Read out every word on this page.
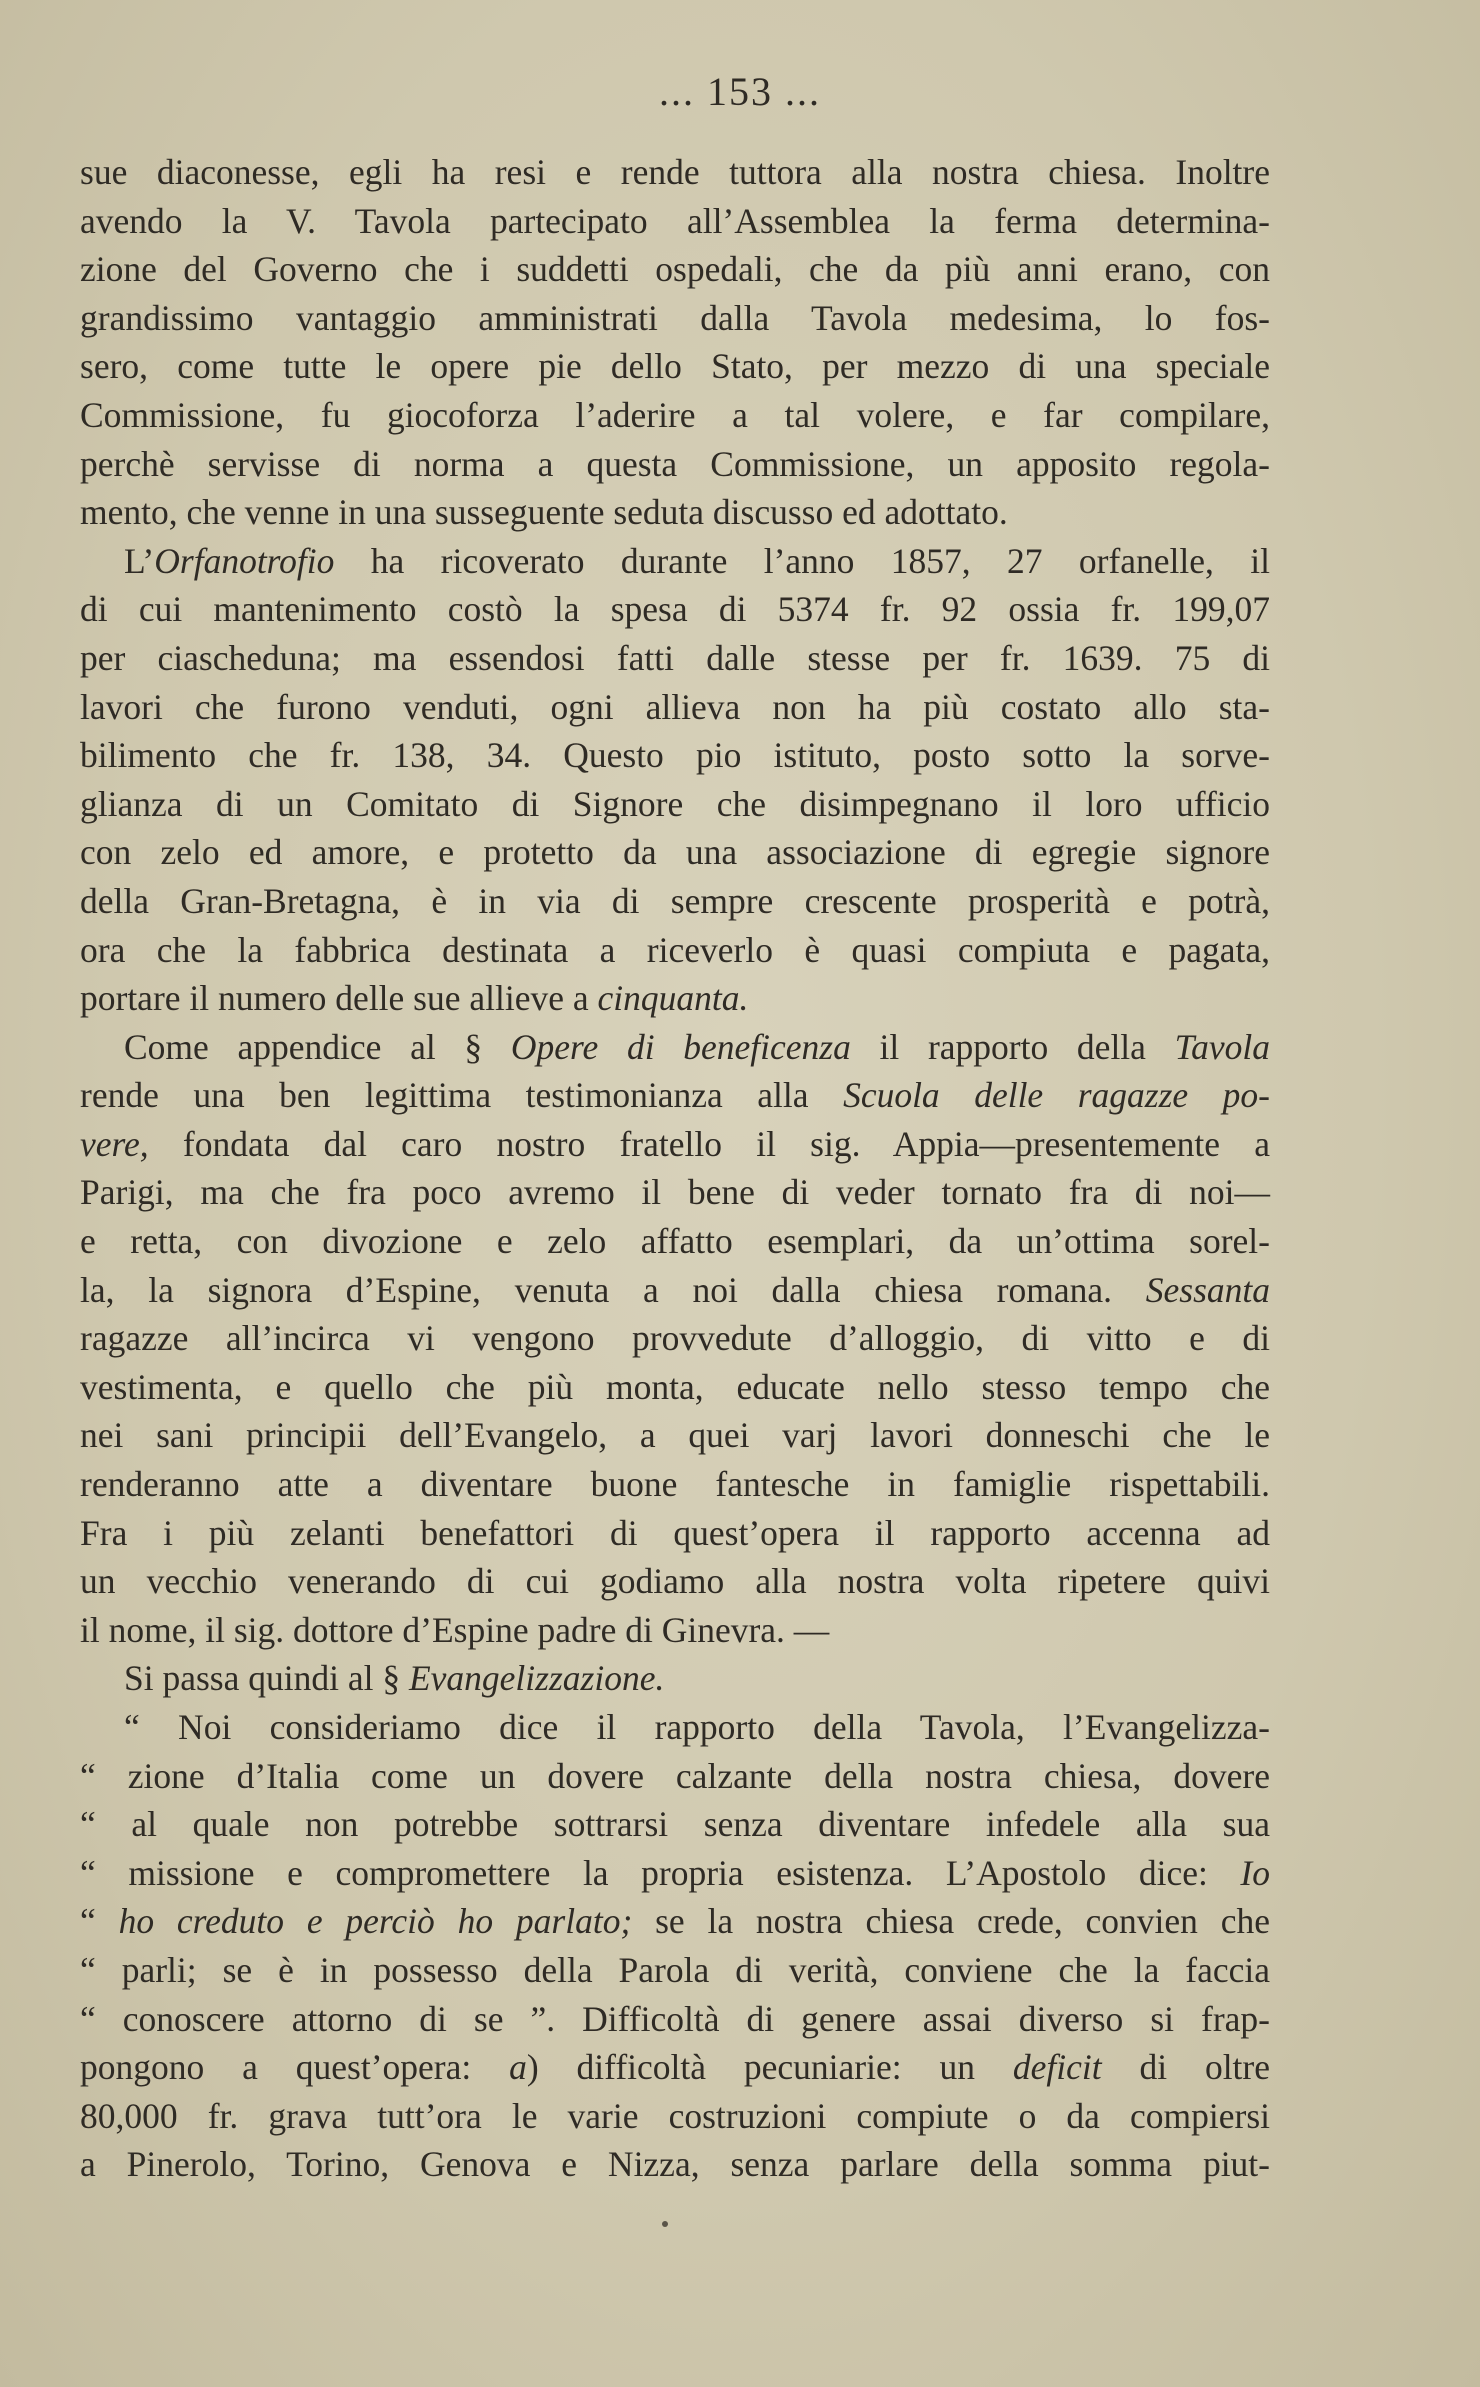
... 153 ...
sue diaconesse, egli ha resi e rende tuttora alla nostra chiesa. Inoltre
avendo la V. Tavola partecipato all’Assemblea la ferma determina-
zione del Governo che i suddetti ospedali, che da più anni erano, con
grandissimo vantaggio amministrati dalla Tavola medesima, lo fos-
sero, come tutte le opere pie dello Stato, per mezzo di una speciale
Commissione, fu giocoforza l’aderire a tal volere, e far compilare,
perchè servisse di norma a questa Commissione, un apposito regola-
mento, che venne in una susseguente seduta discusso ed adottato.
L’Orfanotrofio ha ricoverato durante l’anno 1857, 27 orfanelle, il
di cui mantenimento costò la spesa di 5374 fr. 92 ossia fr. 199,07
per ciascheduna; ma essendosi fatti dalle stesse per fr. 1639. 75 di
lavori che furono venduti, ogni allieva non ha più costato allo sta-
bilimento che fr. 138, 34. Questo pio istituto, posto sotto la sorve-
glianza di un Comitato di Signore che disimpegnano il loro ufficio
con zelo ed amore, e protetto da una associazione di egregie signore
della Gran-Bretagna, è in via di sempre crescente prosperità e potrà,
ora che la fabbrica destinata a riceverlo è quasi compiuta e pagata,
portare il numero delle sue allieve a cinquanta.
Come appendice al § Opere di beneficenza il rapporto della Tavola
rende una ben legittima testimonianza alla Scuola delle ragazze po-
vere, fondata dal caro nostro fratello il sig. Appia—presentemente a
Parigi, ma che fra poco avremo il bene di veder tornato fra di noi—
e retta, con divozione e zelo affatto esemplari, da un’ottima sorel-
la, la signora d’Espine, venuta a noi dalla chiesa romana. Sessanta
ragazze all’incirca vi vengono provvedute d’alloggio, di vitto e di
vestimenta, e quello che più monta, educate nello stesso tempo che
nei sani principii dell’Evangelo, a quei varj lavori donneschi che le
renderanno atte a diventare buone fantesche in famiglie rispettabili.
Fra i più zelanti benefattori di quest’opera il rapporto accenna ad
un vecchio venerando di cui godiamo alla nostra volta ripetere quivi
il nome, il sig. dottore d’Espine padre di Ginevra. —
Si passa quindi al § Evangelizzazione.
“ Noi consideriamo dice il rapporto della Tavola, l’Evangelizza-
“ zione d’Italia come un dovere calzante della nostra chiesa, dovere
“ al quale non potrebbe sottrarsi senza diventare infedele alla sua
“ missione e compromettere la propria esistenza. L’Apostolo dice: Io
“ ho creduto e perciò ho parlato; se la nostra chiesa crede, convien che
“ parli; se è in possesso della Parola di verità, conviene che la faccia
“ conoscere attorno di se ”. Difficoltà di genere assai diverso si frap-
pongono a quest’opera: a) difficoltà pecuniarie: un deficit di oltre
80,000 fr. grava tutt’ora le varie costruzioni compiute o da compiersi
a Pinerolo, Torino, Genova e Nizza, senza parlare della somma piut-
